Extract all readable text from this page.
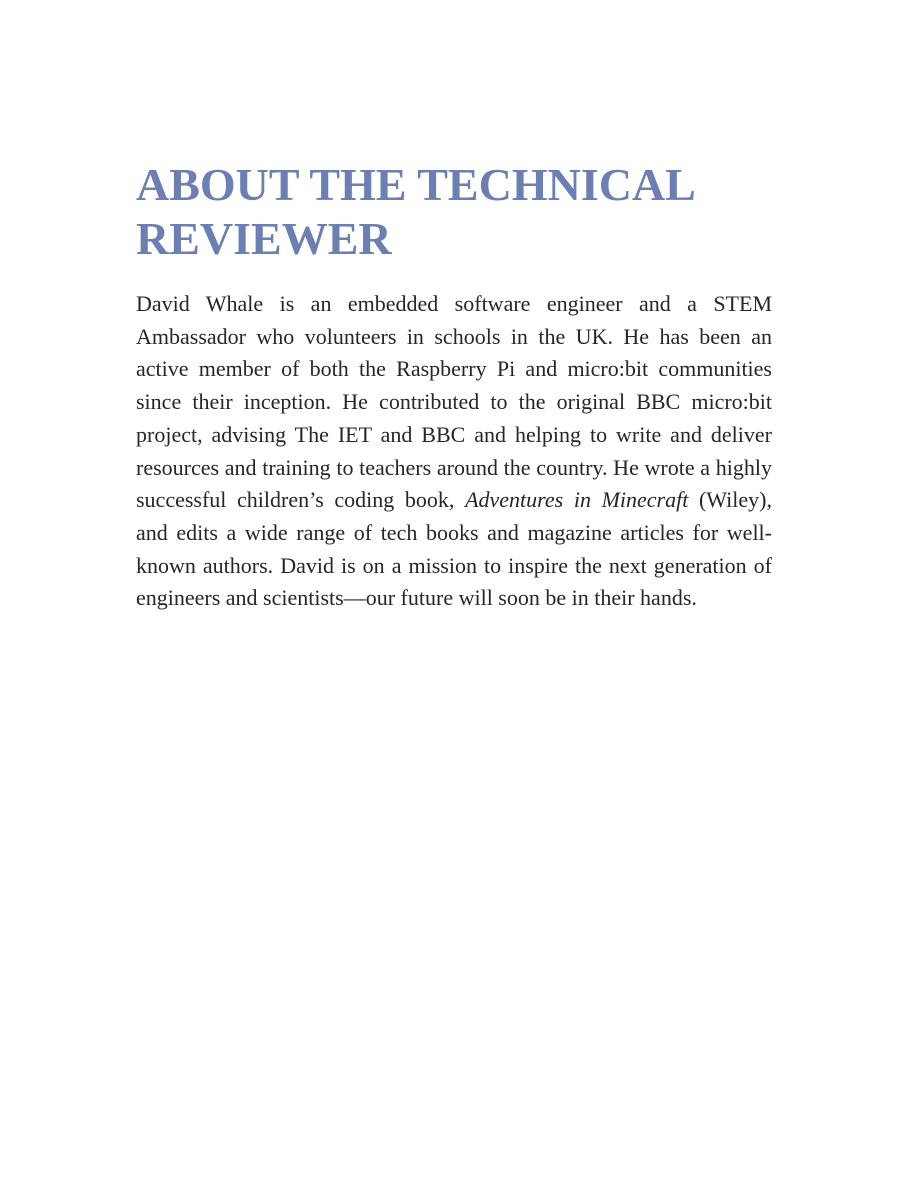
ABOUT THE TECHNICAL
REVIEWER

David Whale is an embedded software engineer and a STEM Ambassador who volunteers in schools in the UK. He has been an active member of both the Raspberry Pi and micro:bit communities since their inception. He contributed to the original BBC micro:bit project, advising The IET and BBC and helping to write and deliver resources and training to teachers around the country. He wrote a highly successful children’s coding book, Adventures in Minecraft (Wiley), and edits a wide range of tech books and magazine articles for well-known authors. David is on a mission to inspire the next generation of engineers and scientists—our future will soon be in their hands.
